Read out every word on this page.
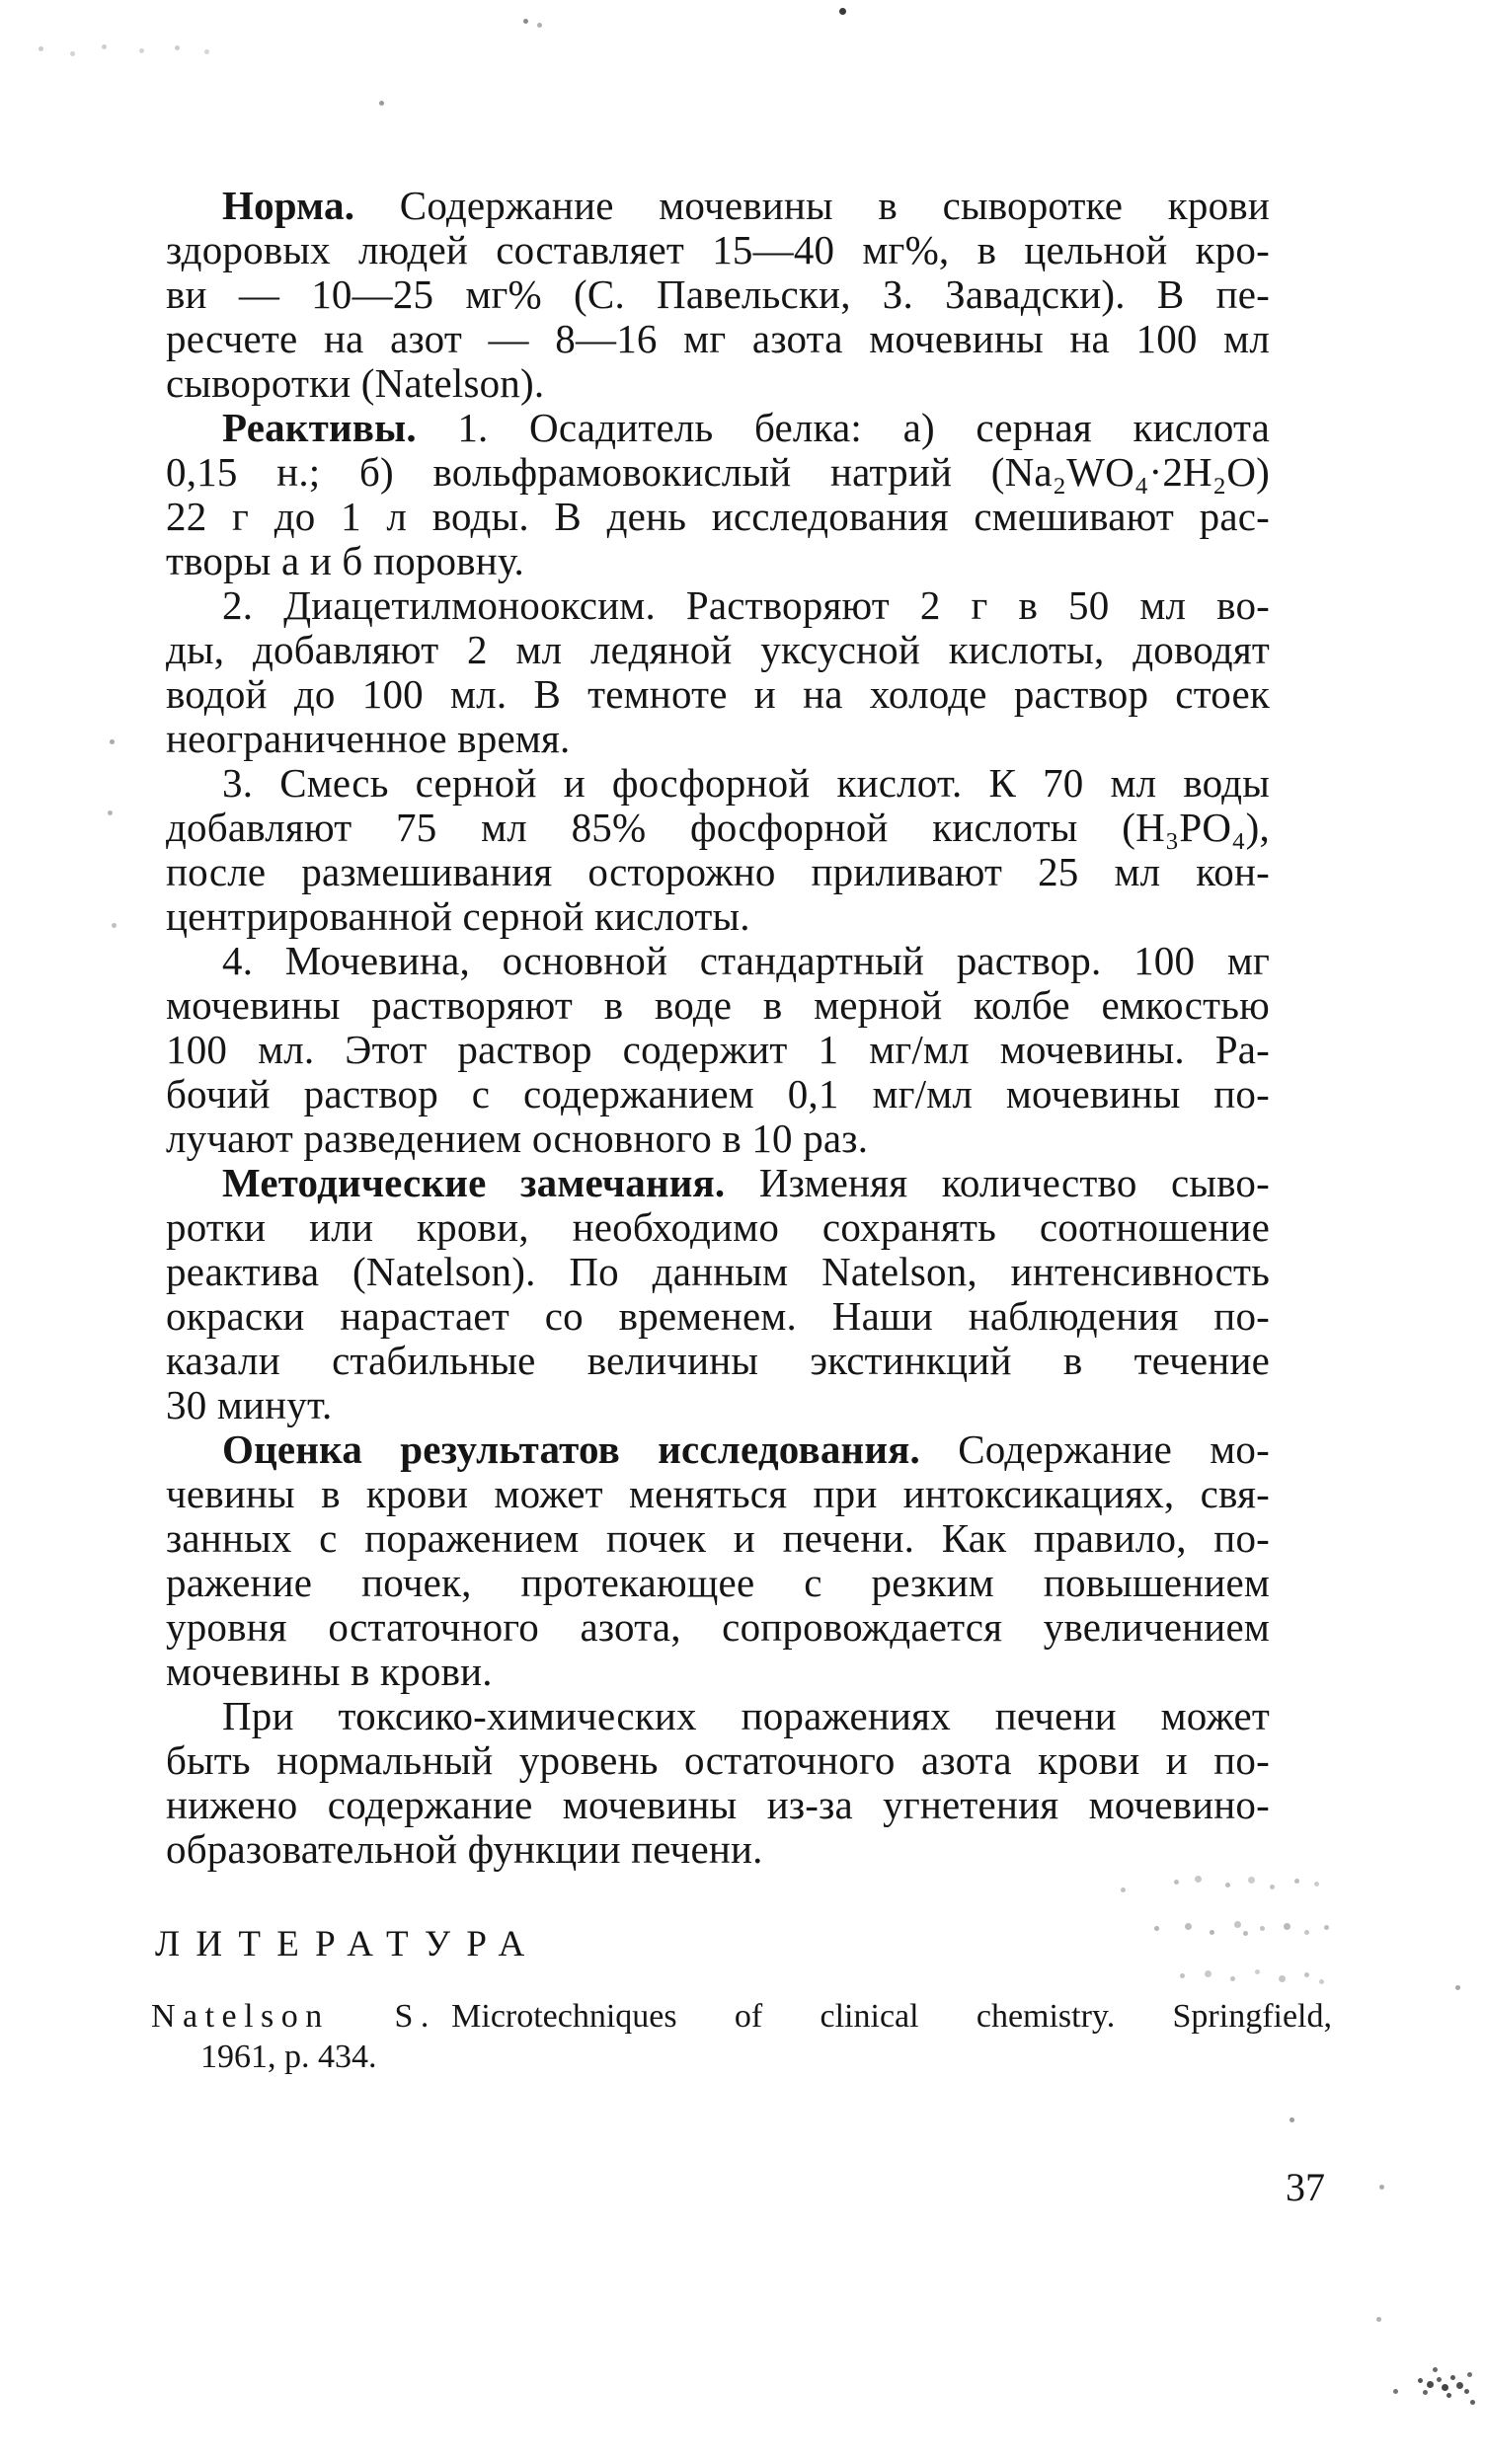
Норма. Содержание мочевины в сыворотке крови
здоровых людей составляет 15—40 мг%, в цельной кро-
ви — 10—25 мг% (С. Павельски, З. Завадски). В пе-
ресчете на азот — 8—16 мг азота мочевины на 100 мл
сыворотки (Natelson).
Реактивы. 1. Осадитель белка: а) серная кислота
0,15 н.; б) вольфрамовокислый натрий (Na₂WO₄·2H₂O)
22 г до 1 л воды. В день исследования смешивают рас-
творы а и б поровну.
2. Диацетилмонооксим. Растворяют 2 г в 50 мл во-
ды, добавляют 2 мл ледяной уксусной кислоты, доводят
водой до 100 мл. В темноте и на холоде раствор стоек
неограниченное время.
3. Смесь серной и фосфорной кислот. К 70 мл воды
добавляют 75 мл 85% фосфорной кислоты (H₃PO₄),
после размешивания осторожно приливают 25 мл кон-
центрированной серной кислоты.
4. Мочевина, основной стандартный раствор. 100 мг
мочевины растворяют в воде в мерной колбе емкостью
100 мл. Этот раствор содержит 1 мг/мл мочевины. Ра-
бочий раствор с содержанием 0,1 мг/мл мочевины по-
лучают разведением основного в 10 раз.
Методические замечания. Изменяя количество сыво-
ротки или крови, необходимо сохранять соотношение
реактива (Natelson). По данным Natelson, интенсивность
окраски нарастает со временем. Наши наблюдения по-
казали стабильные величины экстинкций в течение
30 минут.
Оценка результатов исследования. Содержание мо-
чевины в крови может меняться при интоксикациях, свя-
занных с поражением почек и печени. Как правило, по-
ражение почек, протекающее с резким повышением
уровня остаточного азота, сопровождается увеличением
мочевины в крови.
При токсико-химических поражениях печени может
быть нормальный уровень остаточного азота крови и по-
нижено содержание мочевины из-за угнетения мочевино-
образовательной функции печени.
ЛИТЕРАТУРА
Natelson S. Microtechniques of clinical chemistry. Springfield,
1961, p. 434.
37
